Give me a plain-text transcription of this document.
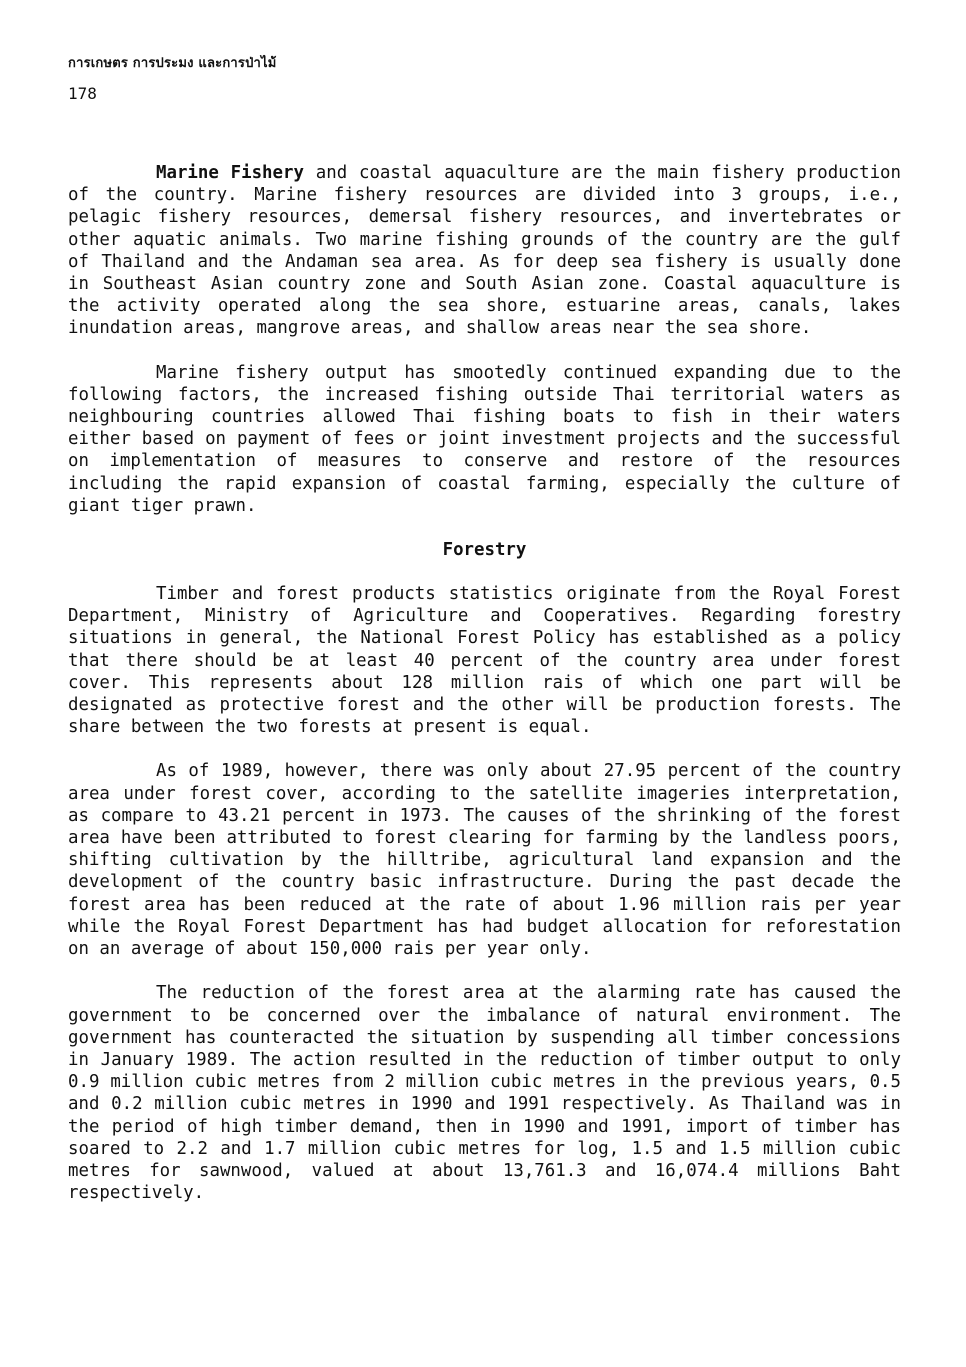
การเกษตร การประมง และการป่าไม้
178

Marine Fishery and coastal aquaculture are the main fishery production of the country. Marine fishery resources are divided into 3 groups, i.e., pelagic fishery resources, demersal fishery resources, and invertebrates or other aquatic animals. Two marine fishing grounds of the country are the gulf of Thailand and the Andaman sea area. As for deep sea fishery is usually done in Southeast Asian country zone and South Asian zone. Coastal aquaculture is the activity operated along the sea shore, estuarine areas, canals, lakes inundation areas, mangrove areas, and shallow areas near the sea shore.

Marine fishery output has smootedly continued expanding due to the following factors, the increased fishing outside Thai territorial waters as neighbouring countries allowed Thai fishing boats to fish in their waters either based on payment of fees or joint investment projects and the successful on implementation of measures to conserve and restore of the resources including the rapid expansion of coastal farming, especially the culture of giant tiger prawn.

Forestry

Timber and forest products statistics originate from the Royal Forest Department, Ministry of Agriculture and Cooperatives. Regarding forestry situations in general, the National Forest Policy has established as a policy that there should be at least 40 percent of the country area under forest cover. This represents about 128 million rais of which one part will be designated as protective forest and the other will be production forests. The share between the two forests at present is equal.

As of 1989, however, there was only about 27.95 percent of the country area under forest cover, according to the satellite imageries interpretation, as compare to 43.21 percent in 1973. The causes of the shrinking of the forest area have been attributed to forest clearing for farming by the landless poors, shifting cultivation by the hilltribe, agricultural land expansion and the development of the country basic infrastructure. During the past decade the forest area has been reduced at the rate of about 1.96 million rais per year while the Royal Forest Department has had budget allocation for reforestation on an average of about 150,000 rais per year only.

The reduction of the forest area at the alarming rate has caused the government to be concerned over the imbalance of natural environment. The government has counteracted the situation by suspending all timber concessions in January 1989. The action resulted in the reduction of timber output to only 0.9 million cubic metres from 2 million cubic metres in the previous years, 0.5 and 0.2 million cubic metres in 1990 and 1991 respectively. As Thailand was in the period of high timber demand, then in 1990 and 1991, import of timber has soared to 2.2 and 1.7 million cubic metres for log, 1.5 and 1.5 million cubic metres for sawnwood, valued at about 13,761.3 and 16,074.4 millions Baht respectively.
